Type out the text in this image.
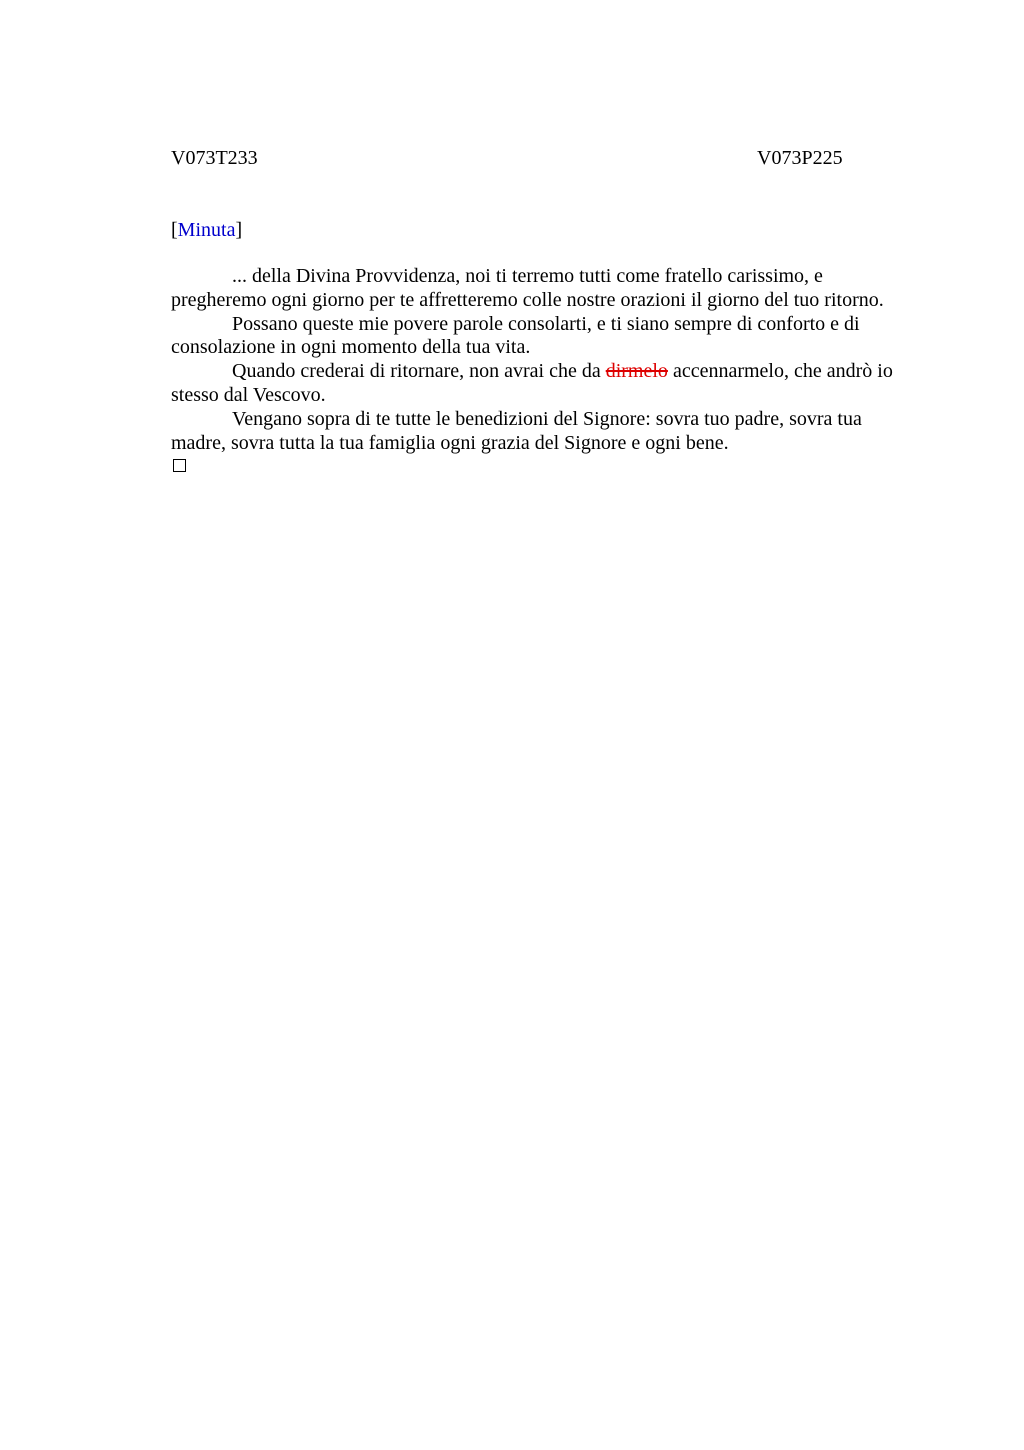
V073T233	V073P225
[Minuta]
... della Divina Provvidenza, noi ti terremo tutti come fratello carissimo, e
pregheremo ogni giorno per te affretteremo colle nostre orazioni il giorno del tuo ritorno.
Possano queste mie povere parole consolarti, e ti siano sempre di conforto e di
consolazione in ogni momento della tua vita.
Quando crederai di ritornare, non avrai che da dirmelo accennarmelo, che andrò io
stesso dal Vescovo.
Vengano sopra di te tutte le benedizioni del Signore: sovra tuo padre, sovra tua
madre, sovra tutta la tua famiglia ogni grazia del Signore e ogni bene.
